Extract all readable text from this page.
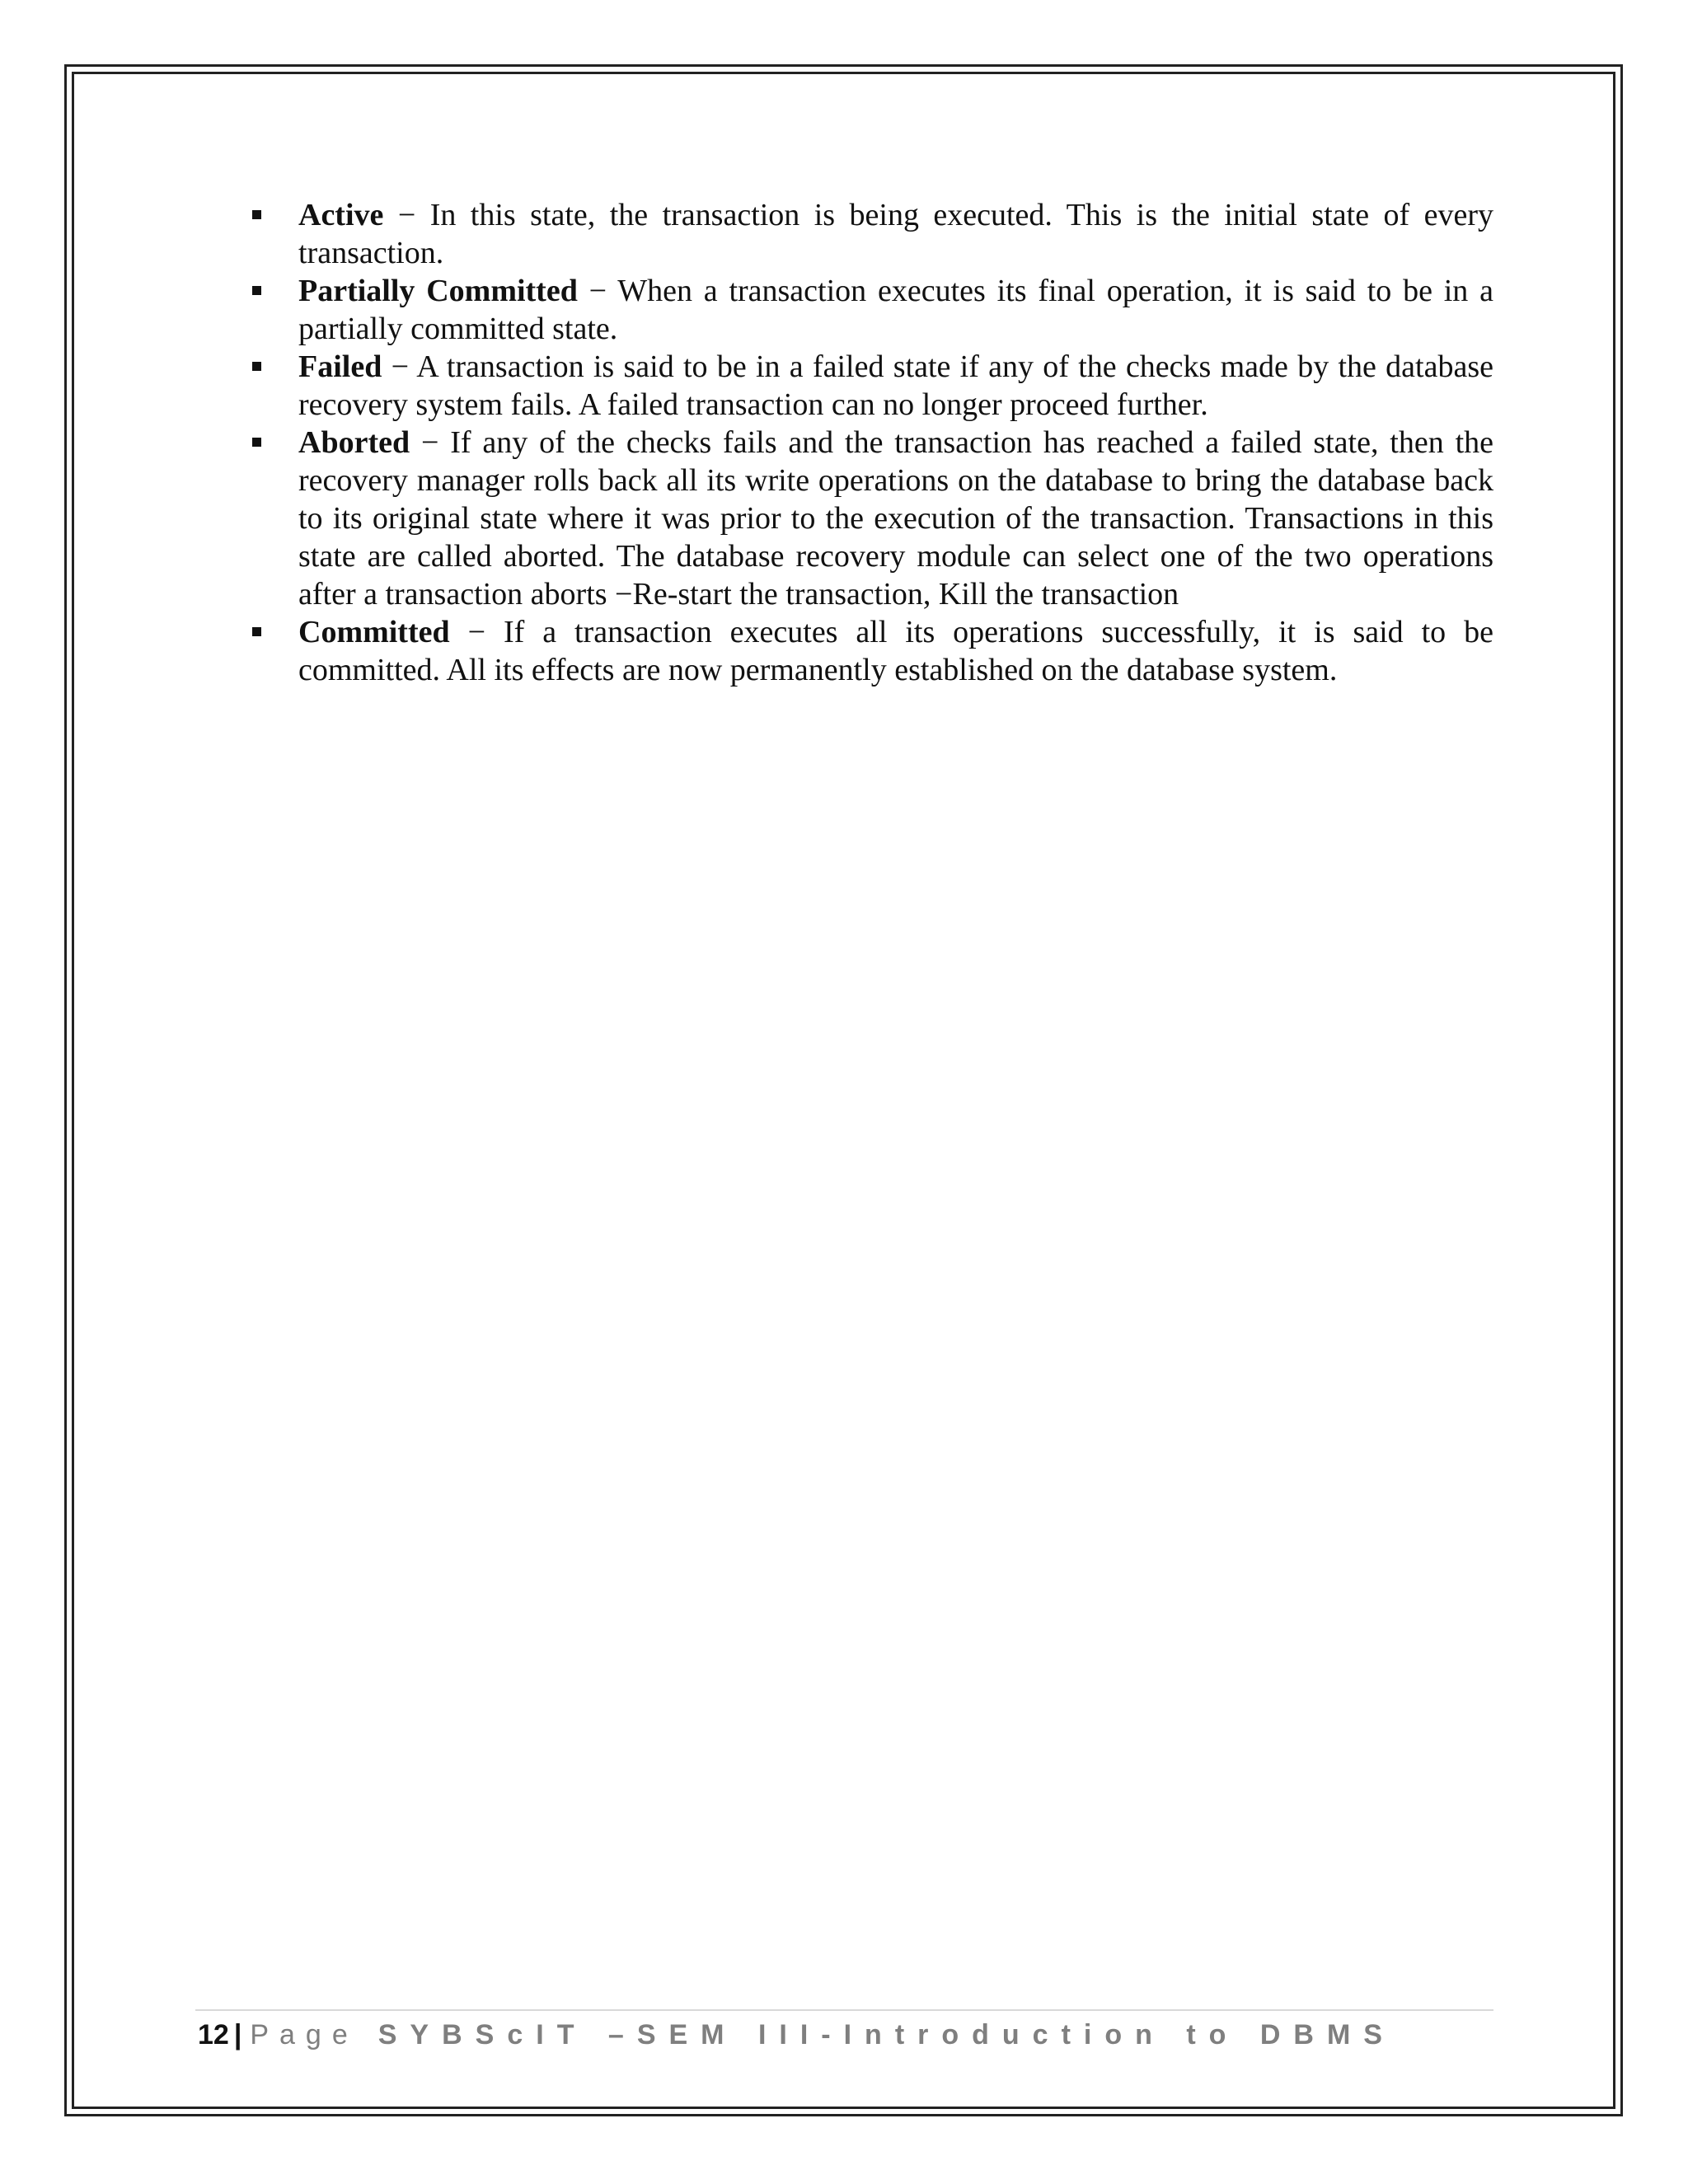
Active − In this state, the transaction is being executed. This is the initial state of every transaction.
Partially Committed − When a transaction executes its final operation, it is said to be in a partially committed state.
Failed − A transaction is said to be in a failed state if any of the checks made by the database recovery system fails. A failed transaction can no longer proceed further.
Aborted − If any of the checks fails and the transaction has reached a failed state, then the recovery manager rolls back all its write operations on the database to bring the database back to its original state where it was prior to the execution of the transaction. Transactions in this state are called aborted. The database recovery module can select one of the two operations after a transaction aborts −Re-start the transaction, Kill the transaction
Committed − If a transaction executes all its operations successfully, it is said to be committed. All its effects are now permanently established on the database system.
12 | Page SYBScIT –SEM III-Introduction to DBMS
